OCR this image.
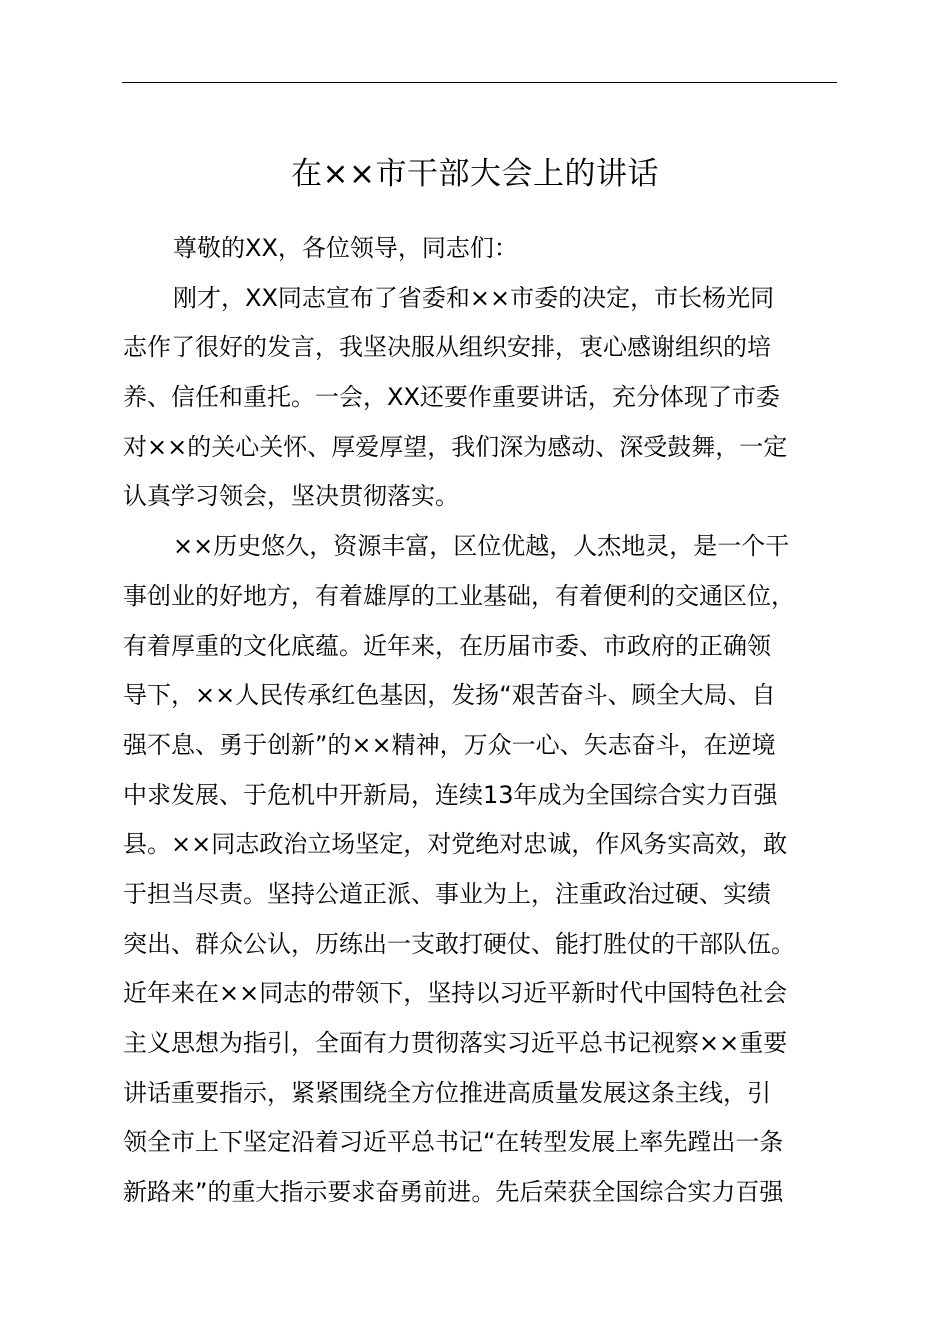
在××市干部大会上的讲话
尊敬的XX，各位领导，同志们：
刚才，XX同志宣布了省委和××市委的决定，市长杨光同
志作了很好的发言，我坚决服从组织安排，衷心感谢组织的培
养、信任和重托。一会，XX还要作重要讲话，充分体现了市委
对××的关心关怀、厚爱厚望，我们深为感动、深受鼓舞，一定
认真学习领会，坚决贯彻落实。
××历史悠久，资源丰富，区位优越，人杰地灵，是一个干
事创业的好地方，有着雄厚的工业基础，有着便利的交通区位，
有着厚重的文化底蕴。近年来，在历届市委、市政府的正确领
导下，××人民传承红色基因，发扬“艰苦奋斗、顾全大局、自
强不息、勇于创新”的××精神，万众一心、矢志奋斗，在逆境
中求发展、于危机中开新局，连续13年成为全国综合实力百强
县。××同志政治立场坚定，对党绝对忠诚，作风务实高效，敢
于担当尽责。坚持公道正派、事业为上，注重政治过硬、实绩
突出、群众公认，历练出一支敢打硬仗、能打胜仗的干部队伍。
近年来在××同志的带领下，坚持以习近平新时代中国特色社会
主义思想为指引，全面有力贯彻落实习近平总书记视察××重要
讲话重要指示，紧紧围绕全方位推进高质量发展这条主线，引
领全市上下坚定沿着习近平总书记“在转型发展上率先蹚出一条
新路来”的重大指示要求奋勇前进。先后荣获全国综合实力百强
